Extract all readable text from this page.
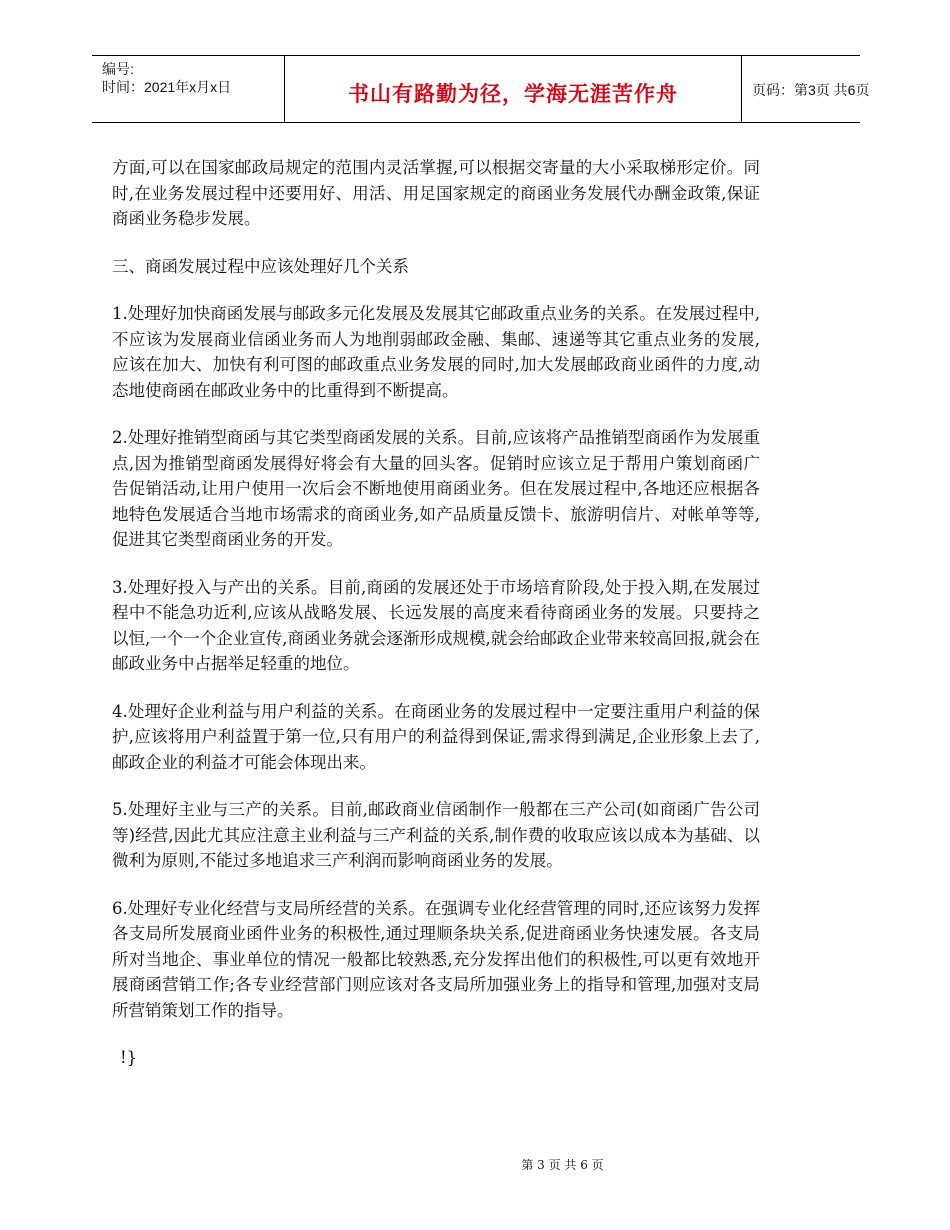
编号:
时间：2021年x月x日	书山有路勤为径，学海无涯苦作舟	页码：第3页 共6页

方面,可以在国家邮政局规定的范围内灵活掌握,可以根据交寄量的大小采取梯形定价。同时,在业务发展过程中还要用好、用活、用足国家规定的商函业务发展代办酬金政策,保证商函业务稳步发展。

三、商函发展过程中应该处理好几个关系

1.处理好加快商函发展与邮政多元化发展及发展其它邮政重点业务的关系。在发展过程中,不应该为发展商业信函业务而人为地削弱邮政金融、集邮、速递等其它重点业务的发展,应该在加大、加快有利可图的邮政重点业务发展的同时,加大发展邮政商业函件的力度,动态地使商函在邮政业务中的比重得到不断提高。

2.处理好推销型商函与其它类型商函发展的关系。目前,应该将产品推销型商函作为发展重点,因为推销型商函发展得好将会有大量的回头客。促销时应该立足于帮用户策划商函广告促销活动,让用户使用一次后会不断地使用商函业务。但在发展过程中,各地还应根据各地特色发展适合当地市场需求的商函业务,如产品质量反馈卡、旅游明信片、对帐单等等,促进其它类型商函业务的开发。

3.处理好投入与产出的关系。目前,商函的发展还处于市场培育阶段,处于投入期,在发展过程中不能急功近利,应该从战略发展、长远发展的高度来看待商函业务的发展。只要持之以恒,一个一个企业宣传,商函业务就会逐渐形成规模,就会给邮政企业带来较高回报,就会在邮政业务中占据举足轻重的地位。

4.处理好企业利益与用户利益的关系。在商函业务的发展过程中一定要注重用户利益的保护,应该将用户利益置于第一位,只有用户的利益得到保证,需求得到满足,企业形象上去了,邮政企业的利益才可能会体现出来。

5.处理好主业与三产的关系。目前,邮政商业信函制作一般都在三产公司(如商函广告公司等)经营,因此尤其应注意主业利益与三产利益的关系,制作费的收取应该以成本为基础、以微利为原则,不能过多地追求三产利润而影响商函业务的发展。

6.处理好专业化经营与支局所经营的关系。在强调专业化经营管理的同时,还应该努力发挥各支局所发展商业函件业务的积极性,通过理顺条块关系,促进商函业务快速发展。各支局所对当地企、事业单位的情况一般都比较熟悉,充分发挥出他们的积极性,可以更有效地开展商函营销工作;各专业经营部门则应该对各支局所加强业务上的指导和管理,加强对支局所营销策划工作的指导。

!}

第 3 页 共 6 页
